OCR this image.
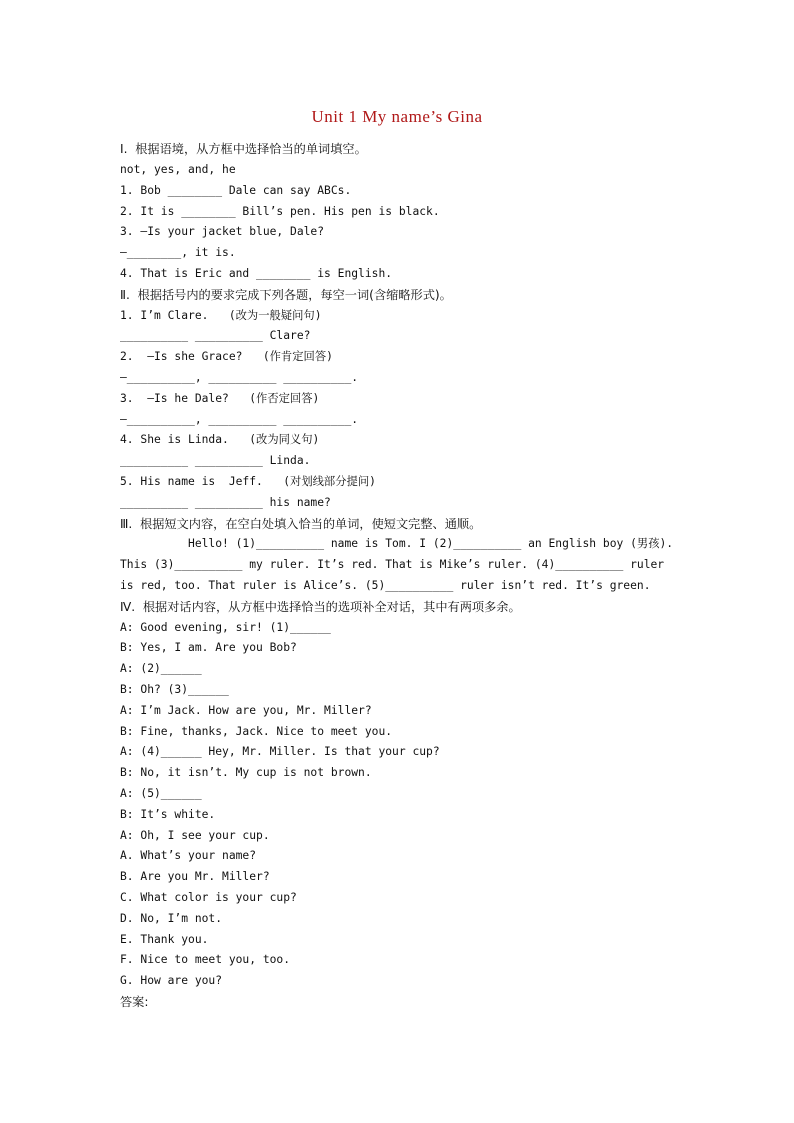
Unit 1 My name’s Gina
Ⅰ.  根据语境，从方框中选择恰当的单词填空。
not, yes, and, he
1. Bob ________ Dale can say ABCs.
2. It is ________ Bill’s pen. His pen is black.
3. —Is your jacket blue, Dale?
—________, it is.
4. That is Eric and ________ is English.
Ⅱ.  根据括号内的要求完成下列各题，每空一词(含缩略形式)。
1. I’m Clare.   (改为一般疑问句)
__________ __________ Clare?
2.  —Is she Grace?   (作肯定回答)
—__________, __________ __________.
3.  —Is he Dale?   (作否定回答)
—__________, __________ __________.
4. She is Linda.   (改为同义句)
__________ __________ Linda.
5. His name is  Jeff.   (对划线部分提问)
__________ __________ his name?
Ⅲ.  根据短文内容，在空白处填入恰当的单词，使短文完整、通顺。
Hello! (1)__________ name is Tom. I (2)__________ an English boy (男孩).
This (3)__________ my ruler. It’s red. That is Mike’s ruler. (4)__________ ruler
is red, too. That ruler is Alice’s. (5)__________ ruler isn’t red. It’s green.
Ⅳ.  根据对话内容，从方框中选择恰当的选项补全对话，其中有两项多余。
A: Good evening, sir! (1)______
B: Yes, I am. Are you Bob?
A: (2)______
B: Oh? (3)______
A: I’m Jack. How are you, Mr. Miller?
B: Fine, thanks, Jack. Nice to meet you.
A: (4)______ Hey, Mr. Miller. Is that your cup?
B: No, it isn’t. My cup is not brown.
A: (5)______
B: It’s white.
A: Oh, I see your cup.
A. What’s your name?
B. Are you Mr. Miller?
C. What color is your cup?
D. No, I’m not.
E. Thank you.
F. Nice to meet you, too.
G. How are you?
答案:
